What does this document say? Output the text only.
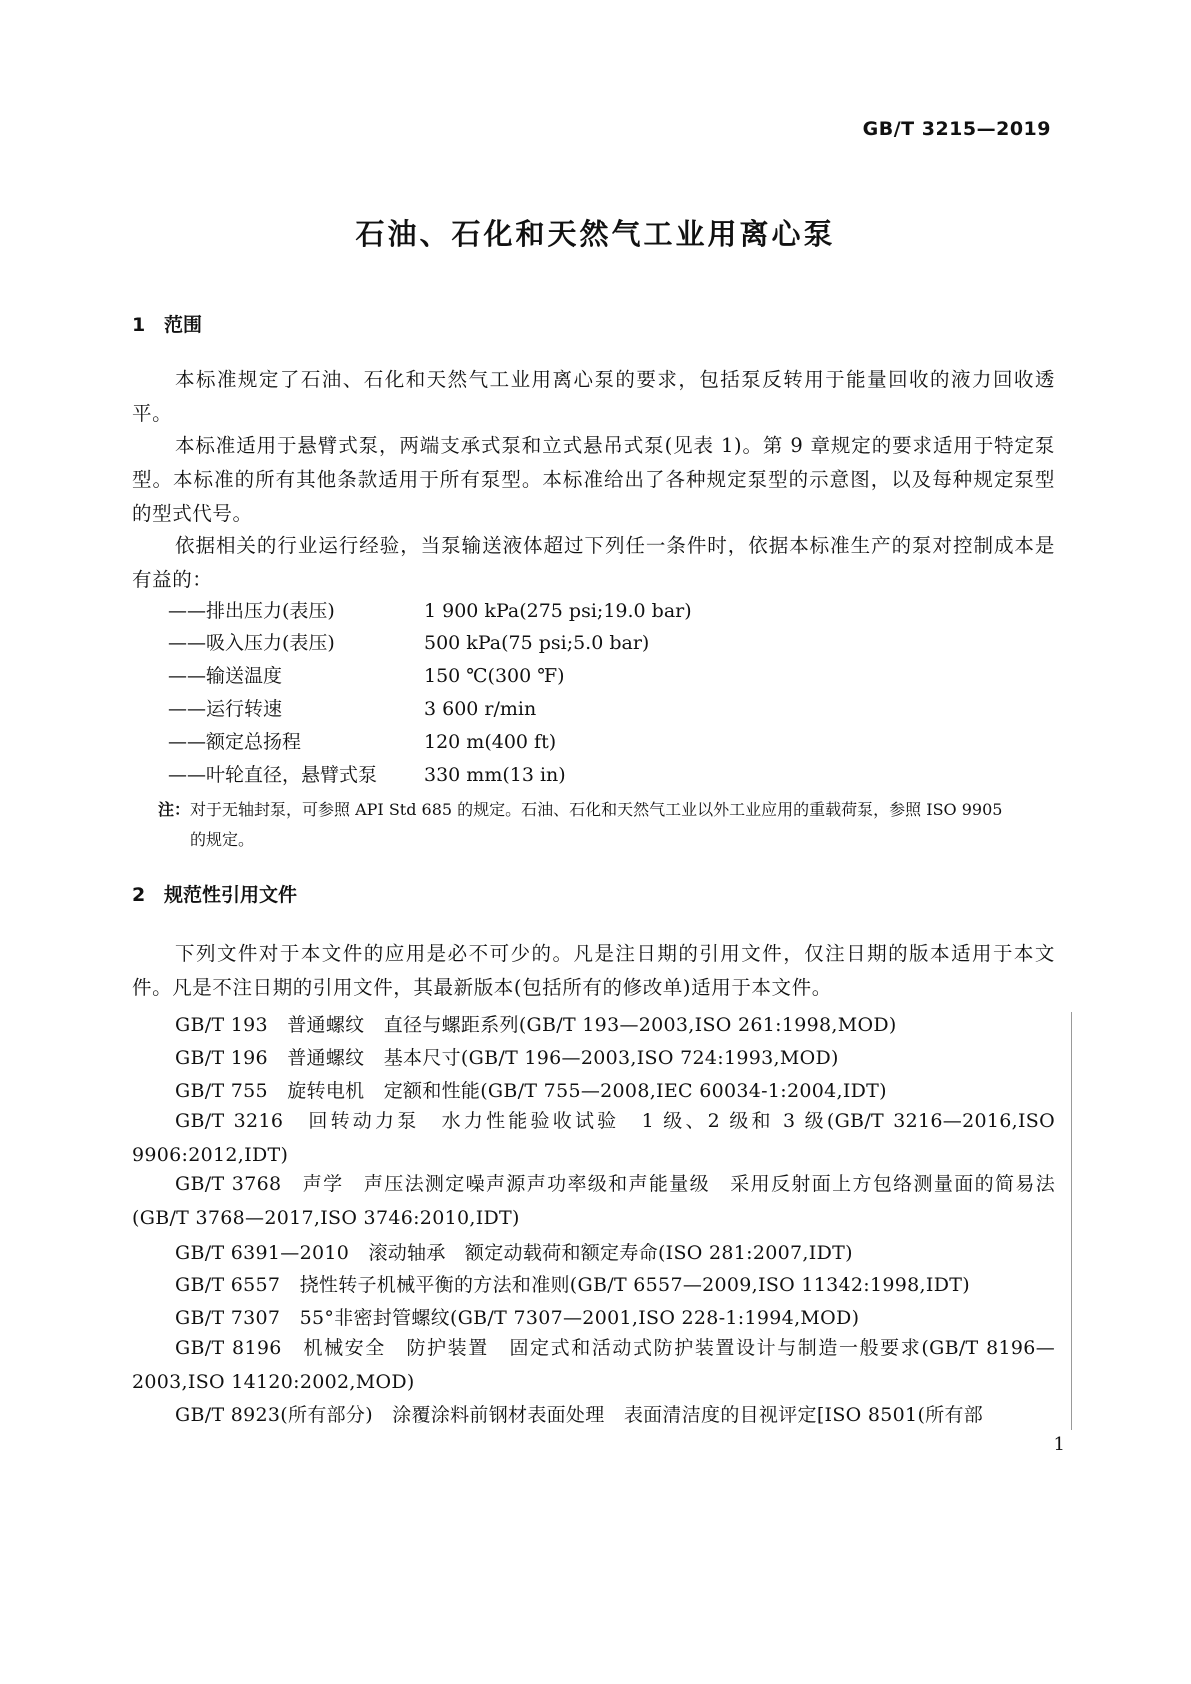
GB/T 3215—2019
石油、石化和天然气工业用离心泵
1 范围
本标准规定了石油、石化和天然气工业用离心泵的要求，包括泵反转用于能量回收的液力回收透平。
本标准适用于悬臂式泵，两端支承式泵和立式悬吊式泵(见表 1)。第 9 章规定的要求适用于特定泵型。本标准的所有其他条款适用于所有泵型。本标准给出了各种规定泵型的示意图，以及每种规定泵型的型式代号。
依据相关的行业运行经验，当泵输送液体超过下列任一条件时，依据本标准生产的泵对控制成本是有益的：
——排出压力(表压)	1 900 kPa(275 psi;19.0 bar)
——吸入压力(表压)	500 kPa(75 psi;5.0 bar)
——输送温度	150 ℃(300 ℉)
——运行转速	3 600 r/min
——额定总扬程	120 m(400 ft)
——叶轮直径，悬臂式泵 330 mm(13 in)
注：对于无轴封泵，可参照 API Std 685 的规定。石油、石化和天然气工业以外工业应用的重载荷泵，参照 ISO 9905
的规定。
2 规范性引用文件
下列文件对于本文件的应用是必不可少的。凡是注日期的引用文件，仅注日期的版本适用于本文件。凡是不注日期的引用文件，其最新版本(包括所有的修改单)适用于本文件。
GB/T 193　普通螺纹　直径与螺距系列(GB/T 193—2003,ISO 261:1998,MOD)
GB/T 196　普通螺纹　基本尺寸(GB/T 196—2003,ISO 724:1993,MOD)
GB/T 755　旋转电机　定额和性能(GB/T 755—2008,IEC 60034-1:2004,IDT)
GB/T 3216　回转动力泵　水力性能验收试验　1 级、2 级和 3 级(GB/T 3216—2016,ISO 9906:2012,IDT)
GB/T 3768　声学　声压法测定噪声源声功率级和声能量级　采用反射面上方包络测量面的简易法(GB/T 3768—2017,ISO 3746:2010,IDT)
GB/T 6391—2010　滚动轴承　额定动载荷和额定寿命(ISO 281:2007,IDT)
GB/T 6557　挠性转子机械平衡的方法和准则(GB/T 6557—2009,ISO 11342:1998,IDT)
GB/T 7307　55°非密封管螺纹(GB/T 7307—2001,ISO 228-1:1994,MOD)
GB/T 8196　机械安全　防护装置　固定式和活动式防护装置设计与制造一般要求(GB/T 8196—2003,ISO 14120:2002,MOD)
GB/T 8923(所有部分)　涂覆涂料前钢材表面处理　表面清洁度的目视评定[ISO 8501(所有部
1
